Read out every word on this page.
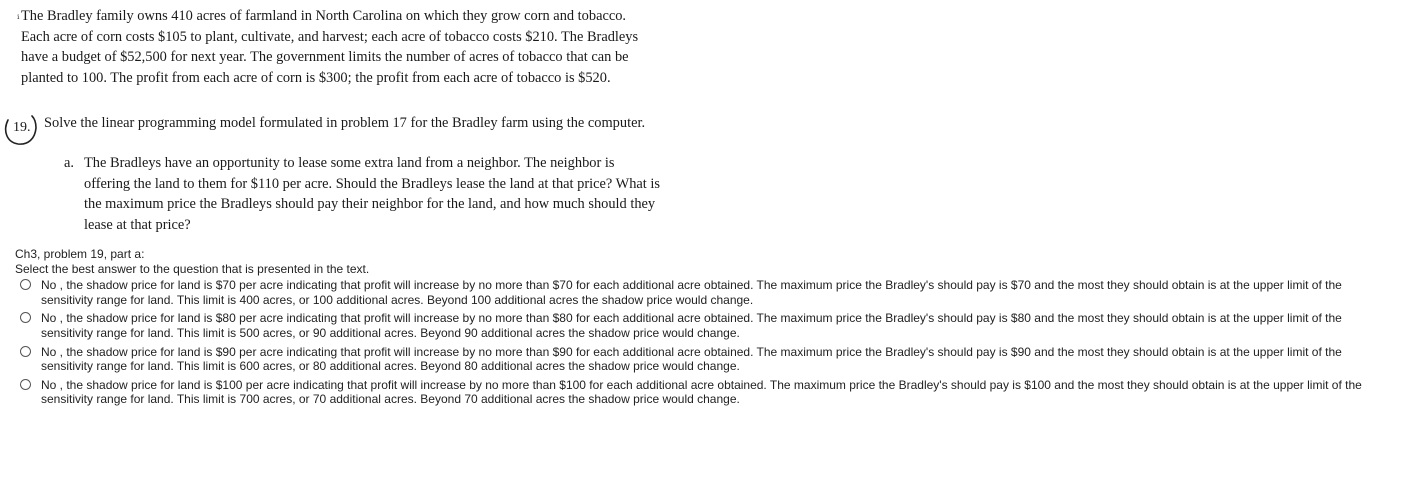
ⁱ The Bradley family owns 410 acres of farmland in North Carolina on which they grow corn and tobacco. Each acre of corn costs $105 to plant, cultivate, and harvest; each acre of tobacco costs $210. The Bradleys have a budget of $52,500 for next year. The government limits the number of acres of tobacco that can be planted to 100. The profit from each acre of corn is $300; the profit from each acre of tobacco is $520.

19. Solve the linear programming model formulated in problem 17 for the Bradley farm using the computer.

a. The Bradleys have an opportunity to lease some extra land from a neighbor. The neighbor is offering the land to them for $110 per acre. Should the Bradleys lease the land at that price? What is the maximum price the Bradleys should pay their neighbor for the land, and how much should they lease at that price?

Ch3, problem 19, part a:

Select the best answer to the question that is presented in the text.

No , the shadow price for land is $70 per acre indicating that profit will increase by no more than $70 for each additional acre obtained. The maximum price the Bradley's should pay is $70 and the most they should obtain is at the upper limit of the sensitivity range for land. This limit is 400 acres, or 100 additional acres. Beyond 100 additional acres the shadow price would change.

No , the shadow price for land is $80 per acre indicating that profit will increase by no more than $80 for each additional acre obtained. The maximum price the Bradley's should pay is $80 and the most they should obtain is at the upper limit of the sensitivity range for land. This limit is 500 acres, or 90 additional acres. Beyond 90 additional acres the shadow price would change.

No , the shadow price for land is $90 per acre indicating that profit will increase by no more than $90 for each additional acre obtained. The maximum price the Bradley's should pay is $90 and the most they should obtain is at the upper limit of the sensitivity range for land. This limit is 600 acres, or 80 additional acres. Beyond 80 additional acres the shadow price would change.

No , the shadow price for land is $100 per acre indicating that profit will increase by no more than $100 for each additional acre obtained. The maximum price the Bradley's should pay is $100 and the most they should obtain is at the upper limit of the sensitivity range for land. This limit is 700 acres, or 70 additional acres. Beyond 70 additional acres the shadow price would change.
